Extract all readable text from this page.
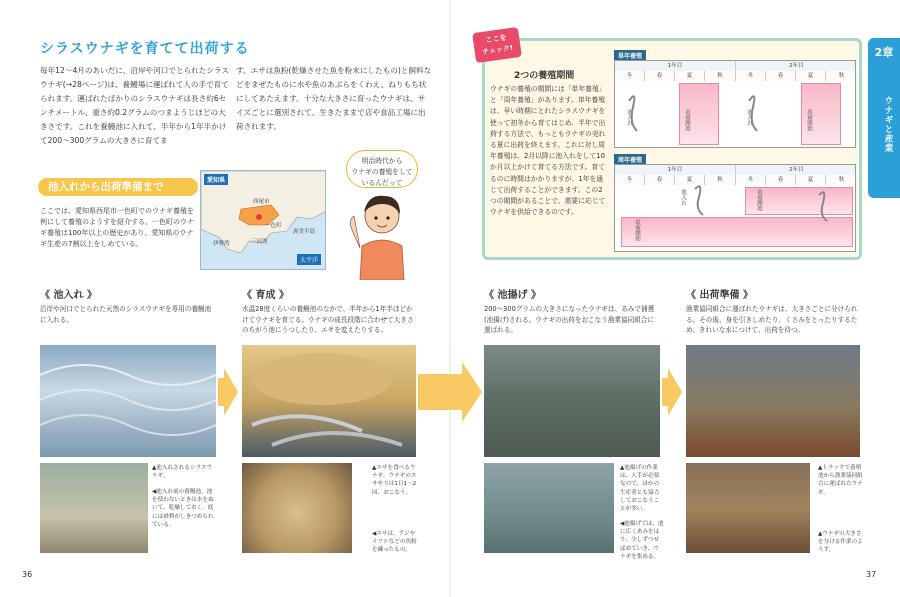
シラスウナギを育てて出荷する
毎年12〜4月のあいだに、沿岸や河口でとられたシラスウナギ(→28ページ)は、養鰻場に運ばれて人の手で育てられます。運ばれたばかりのシラスウナギは長さ約6センチメートル、重さ約0.2グラムのつまようじほどの大きさです。これを養鰻池に入れて、半年から1年半かけて200〜300グラムの大きさに育てま
す。エサは魚粉(乾燥させた魚を粉末にしたもの)と飼料などをまぜたものに水や魚のあぶらをくわえ、ねりもち状にしてあたえます。十分な大きさに育ったウナギは、サイズごとに選別されて、生きたままで店や食品工場に出荷されます。
池入れから出荷準備まで
ここでは、愛知県西尾市一色町でのウナギ養殖を例にして養殖のようすを紹介する。一色町のウナギ養殖は100年以上の歴史があり、愛知県のウナギ生産の7割以上をしめている。
愛知県
西尾市
一色町
伊勢湾	三河湾
渥美半島
太平洋
明治時代から
ウナギの養殖をして
いるんだって
ここを
チェック!
2つの養殖期間
ウナギの養殖の期間には「単年養殖」と「周年養殖」があります。単年養殖は、早い時期にとれたシラスウナギを使って初冬から育てはじめ、半年で出荷する方法で、もっともウナギの売れる夏に出荷を終えます。これに対し周年養殖は、2月以降に池入れをして10か月以上かけて育てる方法です。育てるのに時間はかかりますが、1年を通じて出荷することができます。この2つの期間があることで、需要に応じてウナギを供給できるのです。
単年養殖
1年目	2年目
冬	春	夏	秋	冬	春	夏	秋
池入れ	出荷開始	池入れ	出荷開始
周年養殖
1年目	2年目
冬	春	夏	秋	冬	春	夏	秋
池入れ
出荷開始
出荷開始
2章
ウナギと産業
《 池入れ 》
沿岸や河口でとられた天然のシラスウナギを専用の養鰻池に入れる。
《 育成 》
水温28度くらいの養鰻池のなかで、半年から1年半ほどかけてウナギを育てる。ウナギの成長段階に合わせて大きさのちがう池にうつしたり、エサを変えたりする。
《 池揚げ 》
200〜300グラムの大きさになったウナギは、あみで捕獲(池揚げ)される。ウナギの出荷をおこなう漁業協同組合に運ばれる。
《 出荷準備 》
漁業協同組合に運ばれたウナギは、大きさごとに分けられる。その後、身を引きしめたり、くさみをとったりするため、きれいな水につけて、出荷を待つ。
▲池入れされるシラスウナギ。
◀池入れ前の養鰻池。池を使わないときは水をぬいて、乾燥しておく。底には砂利がしきつめられている。
▲エサを食べるウナギ。ウナギのエサやりは1日1〜2回、おこなう。
◀エサは、アジやイワシなどの魚粉を練ったもの。
▲池揚げの作業は、人手が必要なので、ほかの生産者とも協力しておこなうことが多い。
◀池揚げでは、池に広くあみをはり、少しずつせばめていき、ウナギを集める。
▲トラックで養殖池から漁業協同組合に運ばれたウナギ。
▲ウナギの大きさを分ける作業のようす。
36	37
